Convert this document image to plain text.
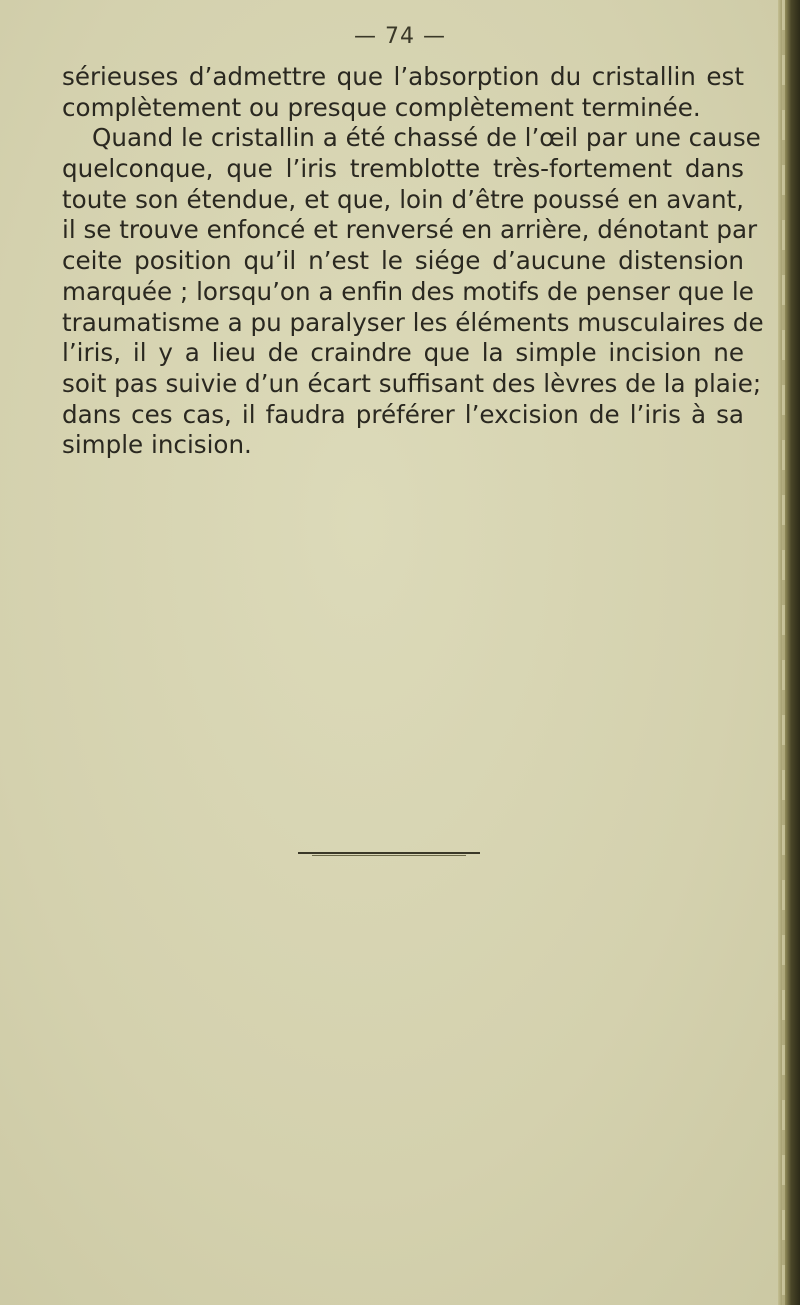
— 74 —
sérieuses d’admettre que l’absorption du cristallin est
complètement ou presque complètement terminée.
Quand le cristallin a été chassé de l’œil par une cause
quelconque, que l’iris tremblotte très-fortement dans
toute son étendue, et que, loin d’être poussé en avant,
il se trouve enfoncé et renversé en arrière, dénotant par
ceite position qu’il n’est le siége d’aucune distension
marquée ; lorsqu’on a enfin des motifs de penser que le
traumatisme a pu paralyser les éléments musculaires de
l’iris, il y a lieu de craindre que la simple incision ne
soit pas suivie d’un écart suffisant des lèvres de la plaie;
dans ces cas, il faudra préférer l’excision de l’iris à sa
simple incision.
